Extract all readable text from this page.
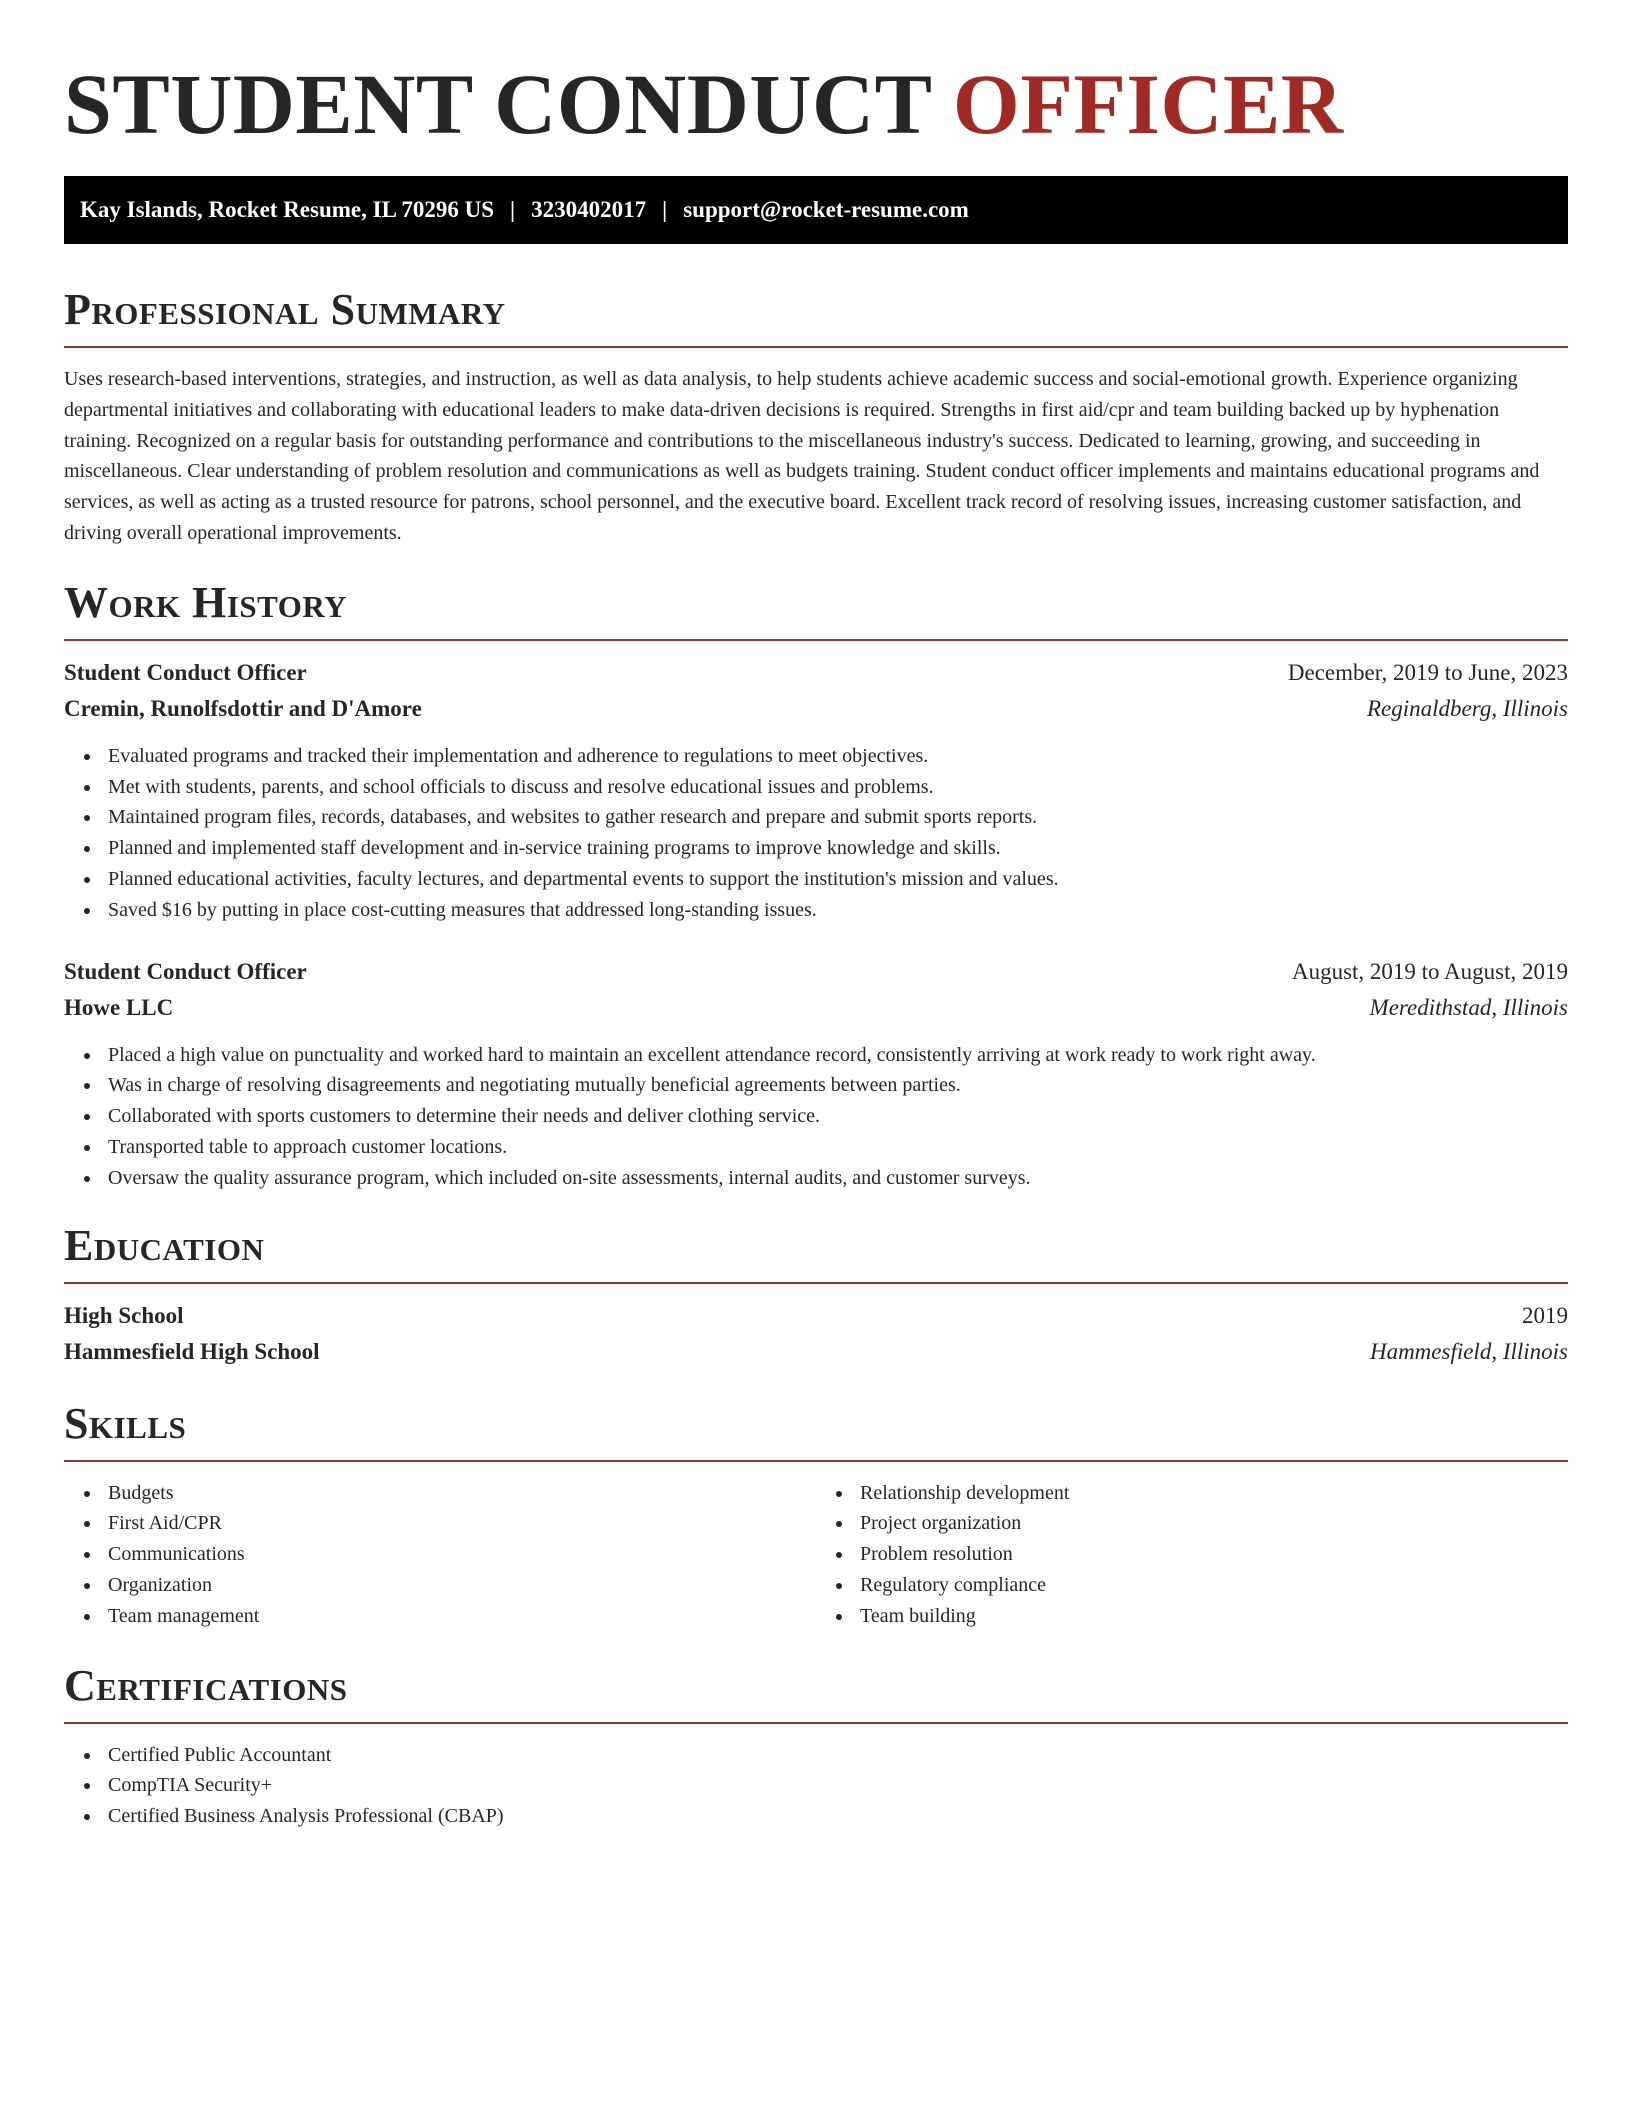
STUDENT CONDUCT OFFICER
Kay Islands, Rocket Resume, IL 70296 US | 3230402017 | support@rocket-resume.com
Professional Summary

Uses research-based interventions, strategies, and instruction, as well as data analysis, to help students achieve academic success and social-emotional growth. Experience organizing departmental initiatives and collaborating with educational leaders to make data-driven decisions is required. Strengths in first aid/cpr and team building backed up by hyphenation training. Recognized on a regular basis for outstanding performance and contributions to the miscellaneous industry's success. Dedicated to learning, growing, and succeeding in miscellaneous. Clear understanding of problem resolution and communications as well as budgets training. Student conduct officer implements and maintains educational programs and services, as well as acting as a trusted resource for patrons, school personnel, and the executive board. Excellent track record of resolving issues, increasing customer satisfaction, and driving overall operational improvements.

Work History
Student Conduct Officer	December, 2019 to June, 2023
Cremin, Runolfsdottir and D'Amore	Reginaldberg, Illinois
Evaluated programs and tracked their implementation and adherence to regulations to meet objectives.
Met with students, parents, and school officials to discuss and resolve educational issues and problems.
Maintained program files, records, databases, and websites to gather research and prepare and submit sports reports.
Planned and implemented staff development and in-service training programs to improve knowledge and skills.
Planned educational activities, faculty lectures, and departmental events to support the institution's mission and values.
Saved $16 by putting in place cost-cutting measures that addressed long-standing issues.
Student Conduct Officer	August, 2019 to August, 2019
Howe LLC	Meredithstad, Illinois
Placed a high value on punctuality and worked hard to maintain an excellent attendance record, consistently arriving at work ready to work right away.
Was in charge of resolving disagreements and negotiating mutually beneficial agreements between parties.
Collaborated with sports customers to determine their needs and deliver clothing service.
Transported table to approach customer locations.
Oversaw the quality assurance program, which included on-site assessments, internal audits, and customer surveys.
Education
High School	2019
Hammesfield High School	Hammesfield, Illinois
Skills
Budgets
First Aid/CPR
Communications
Organization
Team management
Relationship development
Project organization
Problem resolution
Regulatory compliance
Team building
Certifications
Certified Public Accountant
CompTIA Security+
Certified Business Analysis Professional (CBAP)
